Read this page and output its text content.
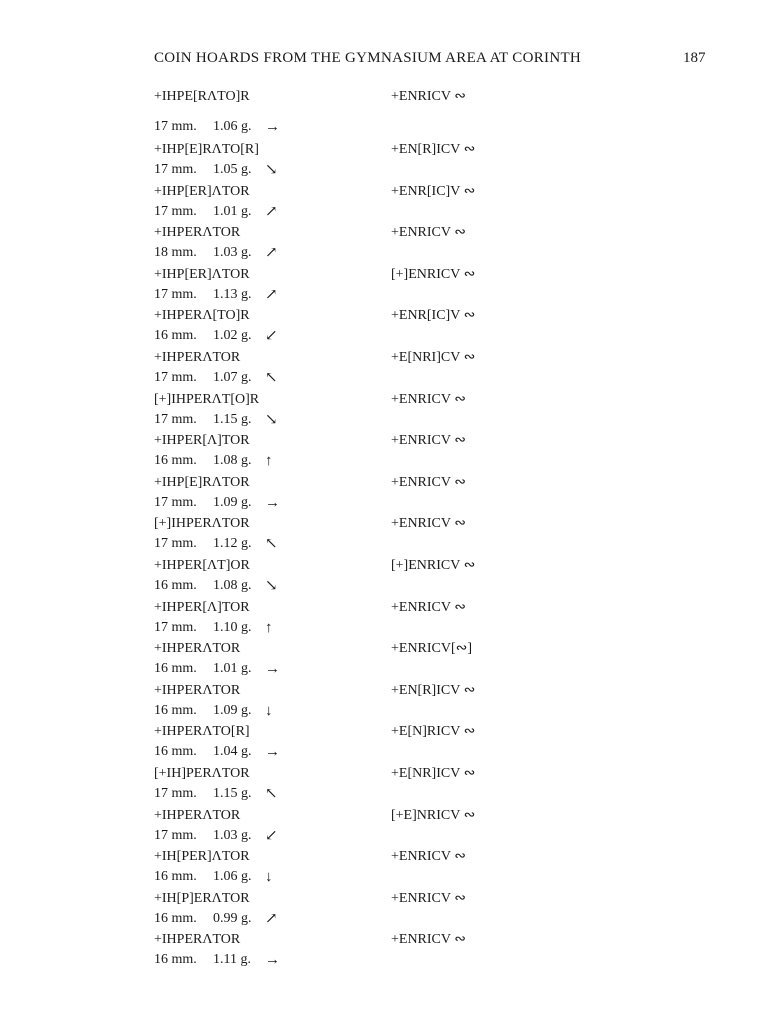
COIN HOARDS FROM THE GYMNASIUM AREA AT CORINTH	187
+IHPE[RΛTO]R	+ENRICV ∾
17 mm. 1.06 g. →
+IHP[E]RΛTO[R]	+EN[R]ICV ∾
17 mm. 1.05 g. ↘
+IHP[ER]ΛTOR	+ENR[IC]V ∾
17 mm. 1.01 g. ↗
+IHPERΛTOR	+ENRICV ∾
18 mm. 1.03 g. ↗
+IHP[ER]ΛTOR	[+]ENRICV ∾
17 mm. 1.13 g. ↗
+IHPERΛ[TO]R	+ENR[IC]V ∾
16 mm. 1.02 g. ↙
+IHPERΛTOR	+E[NRI]CV ∾
17 mm. 1.07 g. ↖
[+]IHPERΛT[O]R	+ENRICV ∾
17 mm. 1.15 g. ↘
+IHPER[Λ]TOR	+ENRICV ∾
16 mm. 1.08 g. ↑
+IHP[E]RΛTOR	+ENRICV ∾
17 mm. 1.09 g. →
[+]IHPERΛTOR	+ENRICV ∾
17 mm. 1.12 g. ↖
+IHPER[ΛT]OR	[+]ENRICV ∾
16 mm. 1.08 g. ↘
+IHPER[Λ]TOR	+ENRICV ∾
17 mm. 1.10 g. ↑
+IHPERΛTOR	+ENRICV[∾]
16 mm. 1.01 g. →
+IHPERΛTOR	+EN[R]ICV ∾
16 mm. 1.09 g. ↓
+IHPERΛTO[R]	+E[N]RICV ∾
16 mm. 1.04 g. →
[+IH]PERΛTOR	+E[NR]ICV ∾
17 mm. 1.15 g. ↖
+IHPERΛTOR	[+E]NRICV ∾
17 mm. 1.03 g. ↙
+IH[PER]ΛTOR	+ENRICV ∾
16 mm. 1.06 g. ↓
+IH[P]ERΛTOR	+ENRICV ∾
16 mm. 0.99 g. ↗
+IHPERΛTOR	+ENRICV ∾
16 mm. 1.11 g. →
